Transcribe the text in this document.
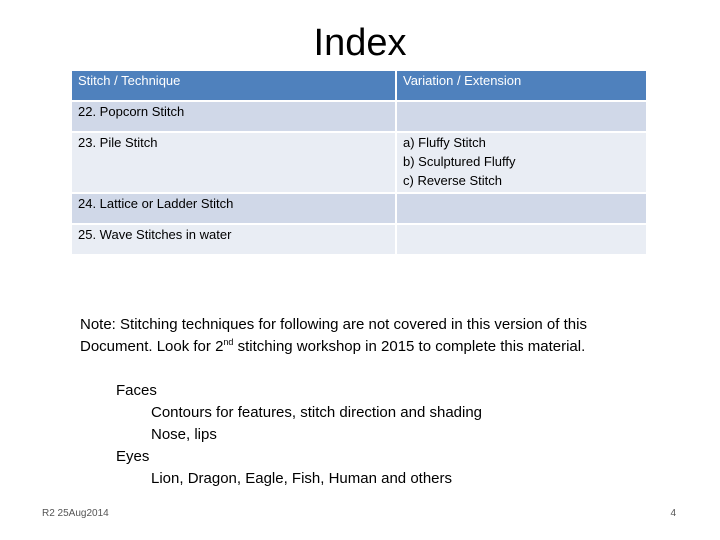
Index
Stitch / Technique	Variation / Extension
22. Popcorn Stitch	
23. Pile Stitch	a) Fluffy Stitch
b) Sculptured Fluffy
c) Reverse Stitch

24. Lattice or Ladder Stitch	
25. Wave Stitches in water	
Note: Stitching techniques for following are not covered in this version of this
Document. Look for 2nd stitching workshop in 2015 to complete this material.
Faces
Contours for features, stitch direction and shading
Nose, lips
Eyes
Lion, Dragon, Eagle, Fish, Human and others
R2 25Aug2014	4
